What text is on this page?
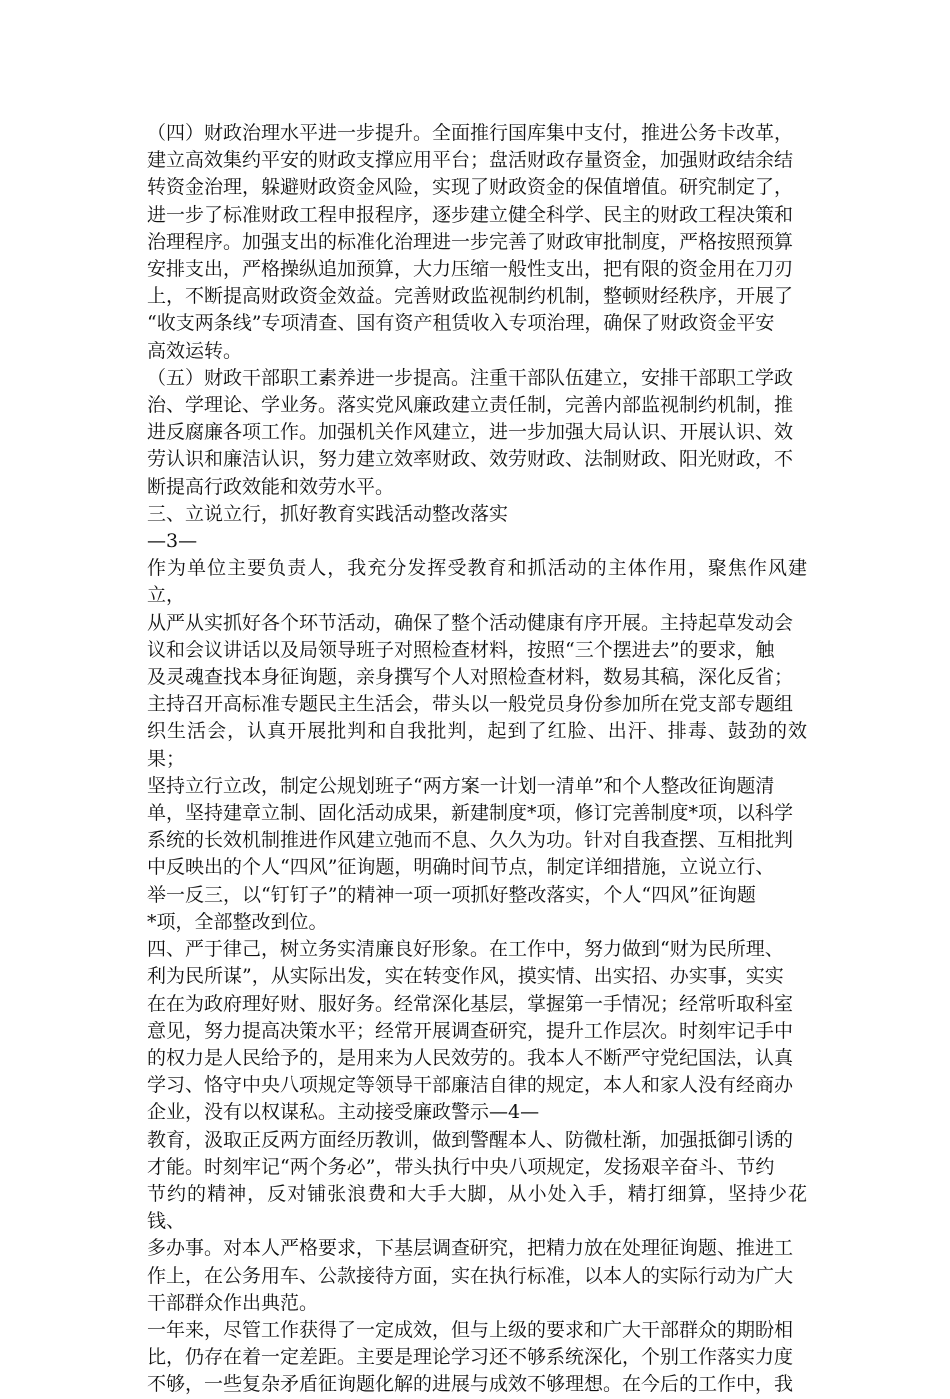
（四）财政治理水平进一步提升。全面推行国库集中支付，推进公务卡改革，
建立高效集约平安的财政支撑应用平台；盘活财政存量资金，加强财政结余结
转资金治理，躲避财政资金风险，实现了财政资金的保值增值。研究制定了，
进一步了标准财政工程申报程序，逐步建立健全科学、民主的财政工程决策和
治理程序。加强支出的标准化治理进一步完善了财政审批制度，严格按照预算
安排支出，严格操纵追加预算，大力压缩一般性支出，把有限的资金用在刀刃
上，不断提高财政资金效益。完善财政监视制约机制，整顿财经秩序，开展了
“收支两条线”专项清查、国有资产租赁收入专项治理，确保了财政资金平安
高效运转。

（五）财政干部职工素养进一步提高。注重干部队伍建立，安排干部职工学政
治、学理论、学业务。落实党风廉政建立责任制，完善内部监视制约机制，推
进反腐廉各项工作。加强机关作风建立，进一步加强大局认识、开展认识、效
劳认识和廉洁认识，努力建立效率财政、效劳财政、法制财政、阳光财政，不
断提高行政效能和效劳水平。

三、立说立行，抓好教育实践活动整改落实

—3—

作为单位主要负责人，我充分发挥受教育和抓活动的主体作用，聚焦作风建立，
从严从实抓好各个环节活动，确保了整个活动健康有序开展。主持起草发动会
议和会议讲话以及局领导班子对照检查材料，按照“三个摆进去”的要求，触
及灵魂查找本身征询题，亲身撰写个人对照检查材料，数易其稿，深化反省；
主持召开高标准专题民主生活会，带头以一般党员身份参加所在党支部专题组
织生活会，认真开展批判和自我批判，起到了红脸、出汗、排毒、鼓劲的效果；
坚持立行立改，制定公规划班子“两方案一计划一清单”和个人整改征询题清
单，坚持建章立制、固化活动成果，新建制度*项，修订完善制度*项，以科学
系统的长效机制推进作风建立弛而不息、久久为功。针对自我查摆、互相批判
中反映出的个人“四风”征询题，明确时间节点，制定详细措施，立说立行、
举一反三，以“钉钉子”的精神一项一项抓好整改落实，个人“四风”征询题
*项，全部整改到位。

四、严于律己，树立务实清廉良好形象。在工作中，努力做到“财为民所理、
利为民所谋”，从实际出发，实在转变作风，摸实情、出实招、办实事，实实
在在为政府理好财、服好务。经常深化基层，掌握第一手情况；经常听取科室
意见，努力提高决策水平；经常开展调查研究，提升工作层次。时刻牢记手中
的权力是人民给予的，是用来为人民效劳的。我本人不断严守党纪国法，认真
学习、恪守中央八项规定等领导干部廉洁自律的规定，本人和家人没有经商办
企业，没有以权谋私。主动接受廉政警示—4—

教育，汲取正反两方面经历教训，做到警醒本人、防微杜渐，加强抵御引诱的
才能。时刻牢记“两个务必”，带头执行中央八项规定，发扬艰辛奋斗、节约
节约的精神，反对铺张浪费和大手大脚，从小处入手，精打细算，坚持少花钱、
多办事。对本人严格要求，下基层调查研究，把精力放在处理征询题、推进工
作上，在公务用车、公款接待方面，实在执行标准，以本人的实际行动为广大
干部群众作出典范。

一年来，尽管工作获得了一定成效，但与上级的要求和广大干部群众的期盼相
比，仍存在着一定差距。主要是理论学习还不够系统深化，个别工作落实力度
不够，一些复杂矛盾征询题化解的进展与成效不够理想。在今后的工作中，我
